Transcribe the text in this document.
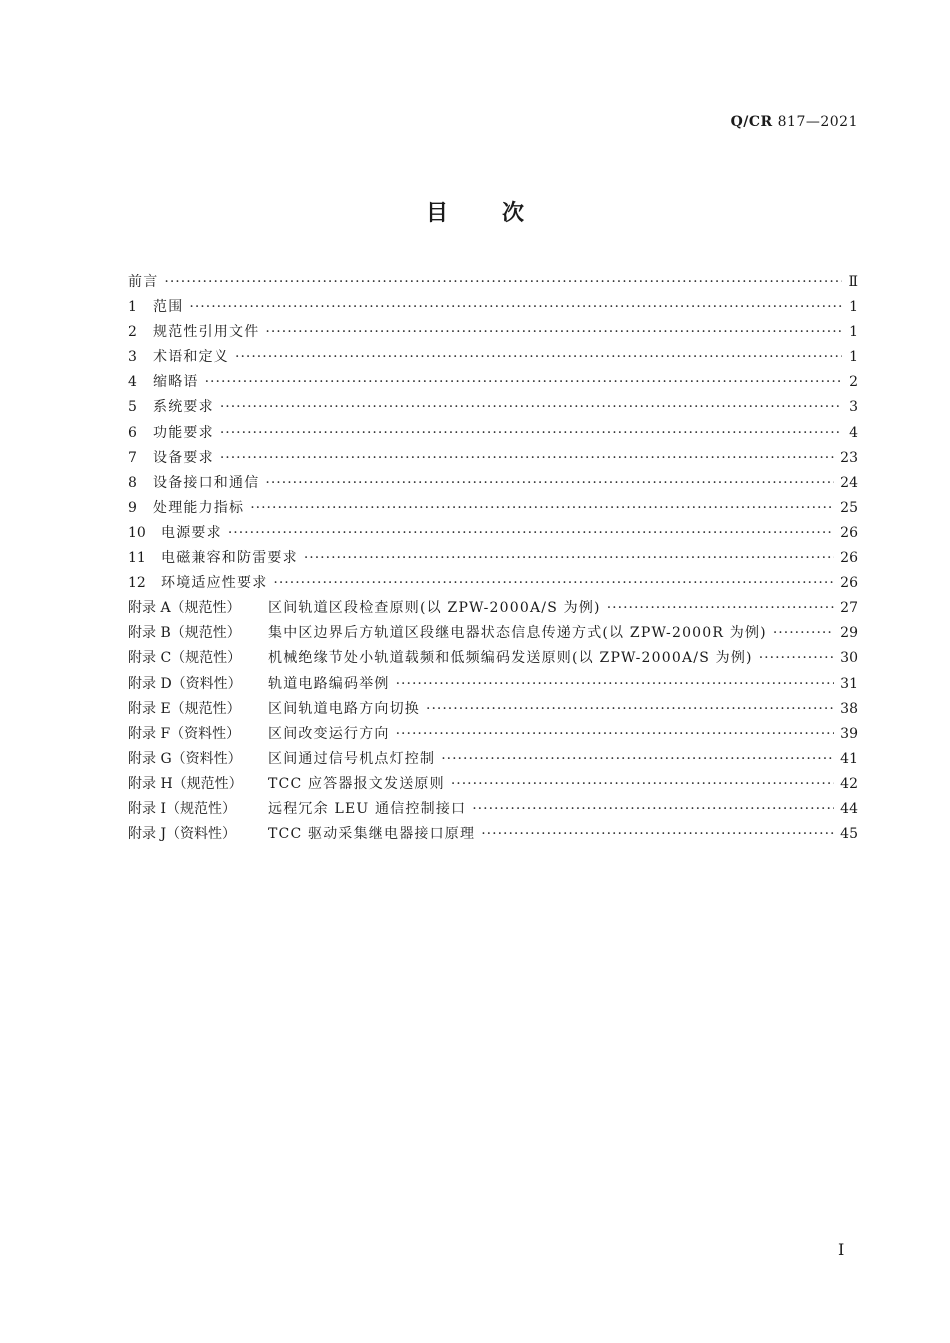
Q/CR 817—2021
目次
前言 ·····	Ⅱ
1	范围 ·····	1
2	规范性引用文件 ·····	1
3	术语和定义 ·····	1
4	缩略语 ·····	2
5	系统要求 ·····	3
6	功能要求 ·····	4
7	设备要求 ·····	23
8	设备接口和通信 ·····	24
9	处理能力指标 ·····	25
10	电源要求 ·····	26
11	电磁兼容和防雷要求 ·····	26
12	环境适应性要求 ·····	26
附录 A（规范性）	区间轨道区段检查原则(以 ZPW-2000A/S 为例) ·····	27
附录 B（规范性）	集中区边界后方轨道区段继电器状态信息传递方式(以 ZPW-2000R 为例) ·····	29
附录 C（规范性）	机械绝缘节处小轨道载频和低频编码发送原则(以 ZPW-2000A/S 为例) ·····	30
附录 D（资料性）	轨道电路编码举例 ·····	31
附录 E（规范性）	区间轨道电路方向切换 ·····	38
附录 F（资料性）	区间改变运行方向 ·····	39
附录 G（资料性）	区间通过信号机点灯控制 ·····	41
附录 H（规范性）	TCC 应答器报文发送原则 ·····	42
附录 I（规范性）	远程冗余 LEU 通信控制接口 ·····	44
附录 J（资料性）	TCC 驱动采集继电器接口原理 ·····	45
Ⅰ
